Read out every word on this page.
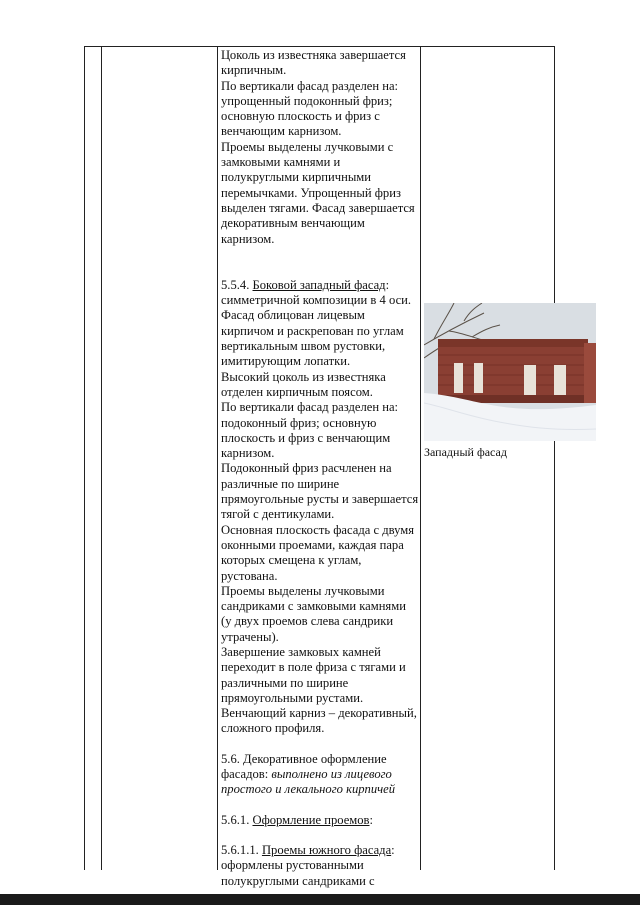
Цоколь из известняка завершается кирпичным.

По вертикали фасад разделен на: упрощенный подоконный фриз; основную плоскость и фриз с венчающим карнизом.

Проемы выделены лучковыми с замковыми камнями и полукруглыми кирпичными перемычками. Упрощенный фриз выделен тягами. Фасад завершается декоративным венчающим карнизом.

5.5.4. Боковой западный фасад: симметричной композиции в 4 оси.

Фасад облицован лицевым кирпичом и раскрепован по углам вертикальным швом рустовки, имитирующим лопатки.

Высокий цоколь из известняка отделен кирпичным поясом.

По вертикали фасад разделен на: подоконный фриз; основную плоскость и фриз с венчающим карнизом.

Подоконный фриз расчленен на различные по ширине прямоугольные русты и завершается тягой с дентикулами.

Основная плоскость фасада с двумя оконными проемами, каждая пара которых смещена к углам, рустована.

Проемы выделены лучковыми сандриками с замковыми камнями (у двух проемов слева сандрики утрачены).

Завершение замковых камней переходит в поле фриза с тягами и различными по ширине прямоугольными рустами.

Венчающий карниз – декоративный, сложного профиля.

5.6. Декоративное оформление фасадов: выполнено из лицевого простого и лекального кирпичей

5.6.1. Оформление проемов:

5.6.1.1. Проемы южного фасада: оформлены рустованными полукруглыми сандриками с

Западный фасад
